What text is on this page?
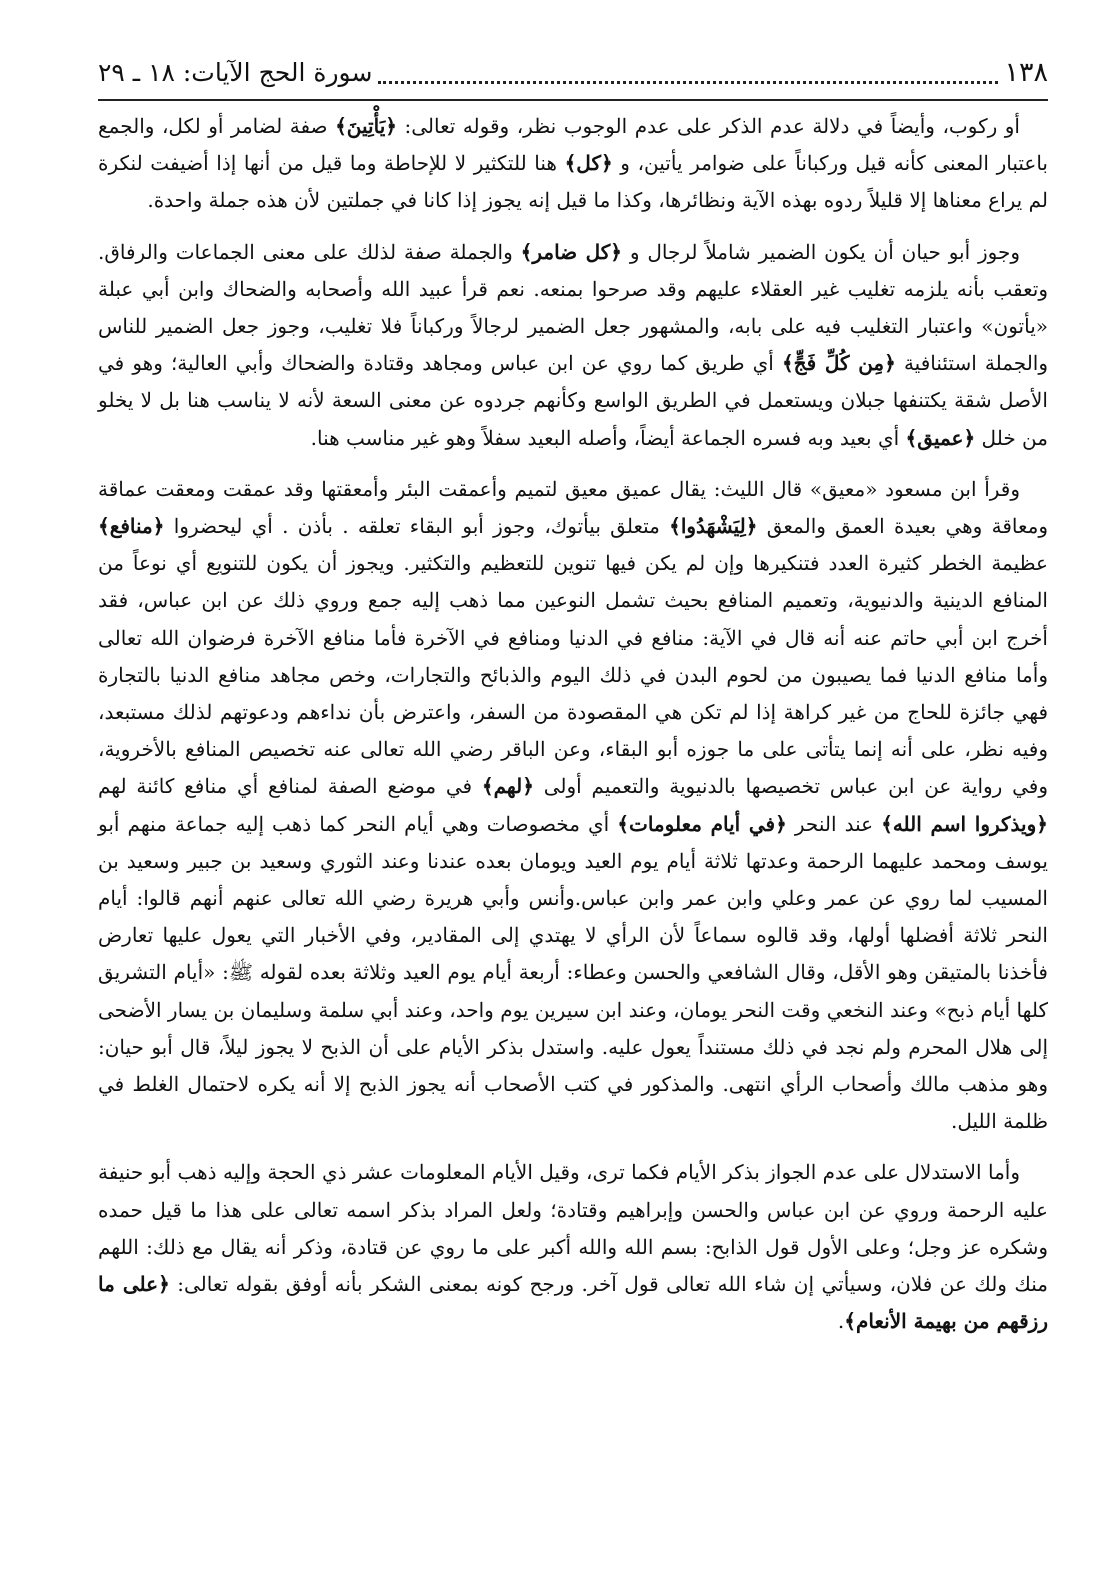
١٣٨
سورة الحج الآيات: ١٨ ـ ٢٩

أو ركوب، وأيضاً في دلالة عدم الذكر على عدم الوجوب نظر، وقوله تعالى: ﴿يَأْتِينَ﴾ صفة لضامر أو لكل، والجمع باعتبار المعنى كأنه قيل وركباناً على ضوامر يأتين، و ﴿كل﴾ هنا للتكثير لا للإحاطة وما قيل من أنها إذا أضيفت لنكرة لم يراع معناها إلا قليلاً ردوه بهذه الآية ونظائرها، وكذا ما قيل إنه يجوز إذا كانا في جملتين لأن هذه جملة واحدة.

وجوز أبو حيان أن يكون الضمير شاملاً لرجال و ﴿كل ضامر﴾ والجملة صفة لذلك على معنى الجماعات والرفاق. وتعقب بأنه يلزمه تغليب غير العقلاء عليهم وقد صرحوا بمنعه. نعم قرأ عبيد الله وأصحابه والضحاك وابن أبي عبلة «يأتون» واعتبار التغليب فيه على بابه، والمشهور جعل الضمير لرجالاً وركباناً فلا تغليب، وجوز جعل الضمير للناس والجملة استئنافية ﴿مِن كُلِّ فَجٍّ﴾ أي طريق كما روي عن ابن عباس ومجاهد وقتادة والضحاك وأبي العالية؛ وهو في الأصل شقة يكتنفها جبلان ويستعمل في الطريق الواسع وكأنهم جردوه عن معنى السعة لأنه لا يناسب هنا بل لا يخلو من خلل ﴿عميق﴾ أي بعيد وبه فسره الجماعة أيضاً، وأصله البعيد سفلاً وهو غير مناسب هنا.

وقرأ ابن مسعود «معيق» قال الليث: يقال عميق معيق لتميم وأعمقت البئر وأمعقتها وقد عمقت ومعقت عماقة ومعاقة وهي بعيدة العمق والمعق ﴿لِيَشْهَدُوا﴾ متعلق بيأتوك، وجوز أبو البقاء تعلقه . بأذن . أي ليحضروا ﴿منافع﴾ عظيمة الخطر كثيرة العدد فتنكيرها وإن لم يكن فيها تنوين للتعظيم والتكثير. ويجوز أن يكون للتنويع أي نوعاً من المنافع الدينية والدنيوية، وتعميم المنافع بحيث تشمل النوعين مما ذهب إليه جمع وروي ذلك عن ابن عباس، فقد أخرج ابن أبي حاتم عنه أنه قال في الآية: منافع في الدنيا ومنافع في الآخرة فأما منافع الآخرة فرضوان الله تعالى وأما منافع الدنيا فما يصيبون من لحوم البدن في ذلك اليوم والذبائح والتجارات، وخص مجاهد منافع الدنيا بالتجارة فهي جائزة للحاج من غير كراهة إذا لم تكن هي المقصودة من السفر، واعترض بأن نداءهم ودعوتهم لذلك مستبعد، وفيه نظر، على أنه إنما يتأتى على ما جوزه أبو البقاء، وعن الباقر رضي الله تعالى عنه تخصيص المنافع بالأخروية، وفي رواية عن ابن عباس تخصيصها بالدنيوية والتعميم أولى ﴿لهم﴾ في موضع الصفة لمنافع أي منافع كائنة لهم ﴿ويذكروا اسم الله﴾ عند النحر ﴿في أيام معلومات﴾ أي مخصوصات وهي أيام النحر كما ذهب إليه جماعة منهم أبو يوسف ومحمد عليهما الرحمة وعدتها ثلاثة أيام يوم العيد ويومان بعده عندنا وعند الثوري وسعيد بن جبير وسعيد بن المسيب لما روي عن عمر وعلي وابن عمر وابن عباس.وأنس وأبي هريرة رضي الله تعالى عنهم أنهم قالوا: أيام النحر ثلاثة أفضلها أولها، وقد قالوه سماعاً لأن الرأي لا يهتدي إلى المقادير، وفي الأخبار التي يعول عليها تعارض فأخذنا بالمتيقن وهو الأقل، وقال الشافعي والحسن وعطاء: أربعة أيام يوم العيد وثلاثة بعده لقوله ﷺ: «أيام التشريق كلها أيام ذبح» وعند النخعي وقت النحر يومان، وعند ابن سيرين يوم واحد، وعند أبي سلمة وسليمان بن يسار الأضحى إلى هلال المحرم ولم نجد في ذلك مستنداً يعول عليه. واستدل بذكر الأيام على أن الذبح لا يجوز ليلاً، قال أبو حيان: وهو مذهب مالك وأصحاب الرأي انتهى. والمذكور في كتب الأصحاب أنه يجوز الذبح إلا أنه يكره لاحتمال الغلط في ظلمة الليل.

وأما الاستدلال على عدم الجواز بذكر الأيام فكما ترى، وقيل الأيام المعلومات عشر ذي الحجة وإليه ذهب أبو حنيفة عليه الرحمة وروي عن ابن عباس والحسن وإبراهيم وقتادة؛ ولعل المراد بذكر اسمه تعالى على هذا ما قيل حمده وشكره عز وجل؛ وعلى الأول قول الذابح: بسم الله والله أكبر على ما روي عن قتادة، وذكر أنه يقال مع ذلك: اللهم منك ولك عن فلان، وسيأتي إن شاء الله تعالى قول آخر. ورجح كونه بمعنى الشكر بأنه أوفق بقوله تعالى: ﴿على ما رزقهم من بهيمة الأنعام﴾.
